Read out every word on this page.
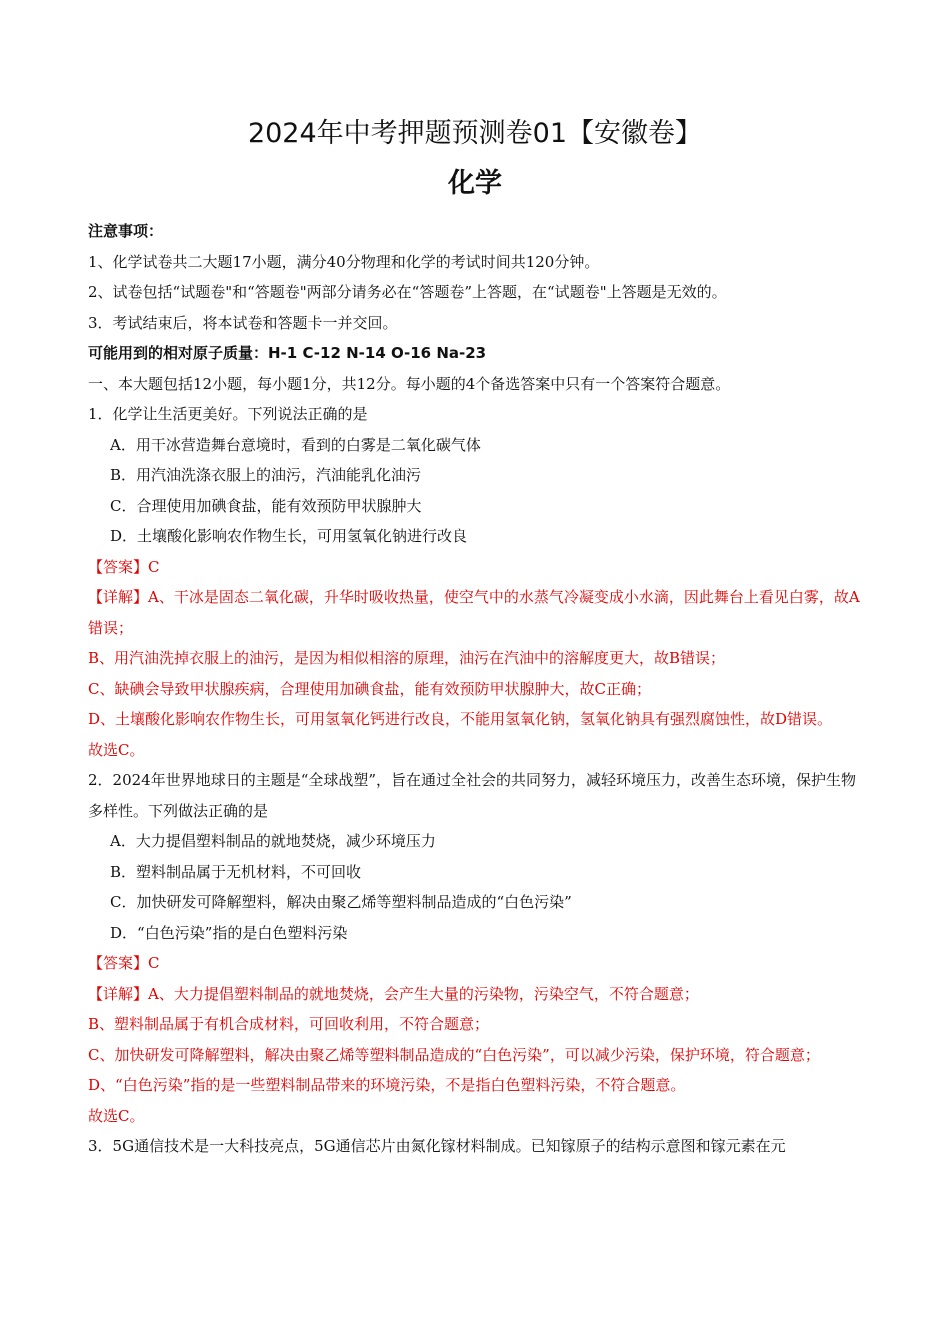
2024年中考押题预测卷01【安徽卷】
化学

注意事项：

1、化学试卷共二大题17小题，满分40分物理和化学的考试时间共120分钟。

2、试卷包括“试题卷"和“答题卷"两部分请务必在“答题卷”上答题，在“试题卷"上答题是无效的。

3．考试结束后，将本试卷和答题卡一并交回。

可能用到的相对原子质量：H-1 C-12 N-14 O-16 Na-23

一、本大题包括12小题，每小题1分，共12分。每小题的4个备选答案中只有一个答案符合题意。

1．化学让生活更美好。下列说法正确的是

A．用干冰营造舞台意境时，看到的白雾是二氧化碳气体

B．用汽油洗涤衣服上的油污，汽油能乳化油污

C．合理使用加碘食盐，能有效预防甲状腺肿大

D．土壤酸化影响农作物生长，可用氢氧化钠进行改良

【答案】C

【详解】A、干冰是固态二氧化碳，升华时吸收热量，使空气中的水蒸气冷凝变成小水滴，因此舞台上看见白雾，故A错误；

B、用汽油洗掉衣服上的油污，是因为相似相溶的原理，油污在汽油中的溶解度更大，故B错误；

C、缺碘会导致甲状腺疾病，合理使用加碘食盐，能有效预防甲状腺肿大，故C正确；

D、土壤酸化影响农作物生长，可用氢氧化钙进行改良，不能用氢氧化钠，氢氧化钠具有强烈腐蚀性，故D错误。

故选C。

2．2024年世界地球日的主题是“全球战塑”，旨在通过全社会的共同努力，减轻环境压力，改善生态环境，保护生物多样性。下列做法正确的是

A．大力提倡塑料制品的就地焚烧，减少环境压力

B．塑料制品属于无机材料，不可回收

C．加快研发可降解塑料，解决由聚乙烯等塑料制品造成的“白色污染”

D．“白色污染”指的是白色塑料污染

【答案】C

【详解】A、大力提倡塑料制品的就地焚烧，会产生大量的污染物，污染空气，不符合题意；

B、塑料制品属于有机合成材料，可回收利用，不符合题意；

C、加快研发可降解塑料，解决由聚乙烯等塑料制品造成的“白色污染”，可以减少污染，保护环境，符合题意；

D、“白色污染”指的是一些塑料制品带来的环境污染，不是指白色塑料污染，不符合题意。

故选C。

3．5G通信技术是一大科技亮点，5G通信芯片由氮化镓材料制成。已知镓原子的结构示意图和镓元素在元
